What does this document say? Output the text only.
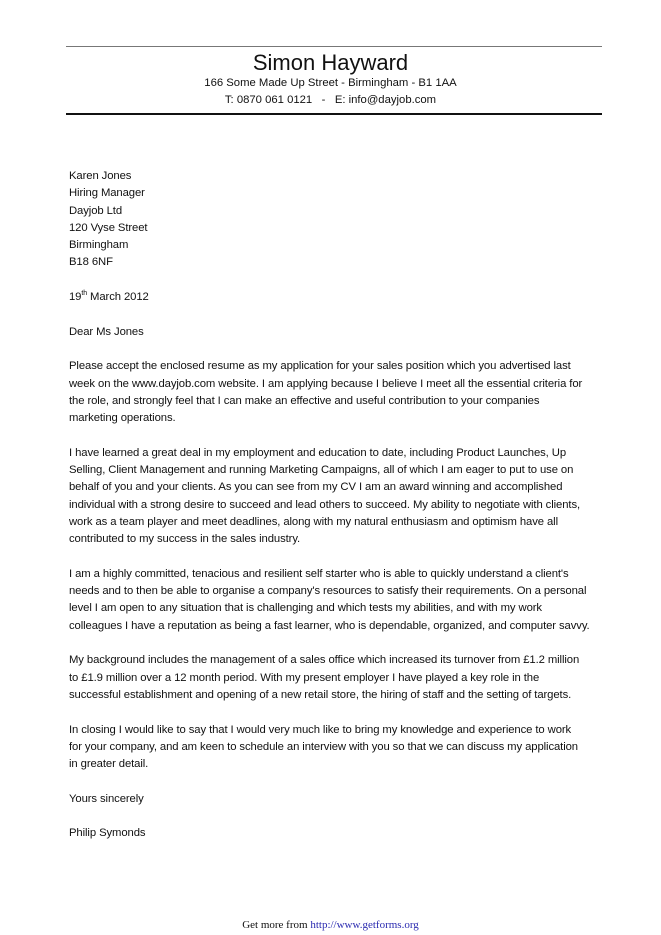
Simon Hayward
166 Some Made Up Street - Birmingham - B1 1AA
T: 0870 061 0121   -   E: info@dayjob.com
Karen Jones
Hiring Manager
Dayjob Ltd
120 Vyse Street
Birmingham
B18 6NF
19th March 2012
Dear Ms Jones
Please accept the enclosed resume as my application for your sales position which you advertised last
week on the www.dayjob.com website. I am applying because I believe I meet all the essential criteria for
the role, and strongly feel that I can make an effective and useful contribution to your companies
marketing operations.
I have learned a great deal in my employment and education to date, including Product Launches, Up
Selling, Client Management and running Marketing Campaigns, all of which I am eager to put to use on
behalf of you and your clients. As you can see from my CV I am an award winning and accomplished
individual with a strong desire to succeed and lead others to succeed. My ability to negotiate with clients,
work as a team player and meet deadlines, along with my natural enthusiasm and optimism have all
contributed to my success in the sales industry.
I am a highly committed, tenacious and resilient self starter who is able to quickly understand a client's
needs and to then be able to organise a company's resources to satisfy their requirements. On a personal
level I am open to any situation that is challenging and which tests my abilities, and with my work
colleagues I have a reputation as being a fast learner, who is dependable, organized, and computer savvy.
My background includes the management of a sales office which increased its turnover from £1.2 million
to £1.9 million over a 12 month period. With my present employer I have played a key role in the
successful establishment and opening of a new retail store, the hiring of staff and the setting of targets.
In closing I would like to say that I would very much like to bring my knowledge and experience to work
for your company, and am keen to schedule an interview with you so that we can discuss my application
in greater detail.
Yours sincerely
Philip Symonds
Get more from http://www.getforms.org
